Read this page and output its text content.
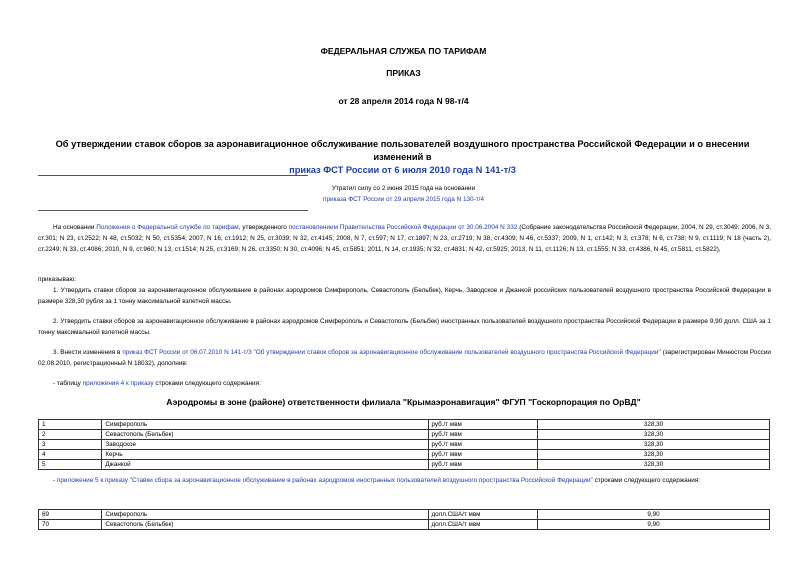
ФЕДЕРАЛЬНАЯ СЛУЖБА ПО ТАРИФАМ
ПРИКАЗ
от 28 апреля 2014 года N 98-т/4
Об утверждении ставок сборов за аэронавигационное обслуживание пользователей воздушного пространства Российской Федерации и о внесении изменений в
приказ ФСТ России от 6 июля 2010 года N 141-т/3
Утратил силу со 2 июня 2015 года на основании
приказа ФСТ России от 29 апреля 2015 года N 130-т/4
На основании Положения о Федеральной службе по тарифам, утвержденного постановлением Правительства Российской Федерации от 30.06.2004 N 332 (Собрание законодательства Российской Федерации, 2004, N 29, ст.3049; 2006, N 3, ст.301; N 23, ст.2522; N 48, ст.5032; N 50, ст.5354; 2007, N 16, ст.1912; N 25, ст.3039; N 32, ст.4145; 2008, N 7, ст.597; N 17, ст.1897; N 23, ст.2719; N 38, ст.4309; N 46, ст.5337; 2009, N 1, ст.142; N 3, ст.378; N 6, ст.738; N 9, ст.1119; N 18 (часть 2), ст.2249; N 33, ст.4086; 2010, N 9, ст.960; N 13, ст.1514; N 25, ст.3169; N 26, ст.3350; N 30, ст.4096; N 45, ст.5851; 2011, N 14, ст.1935; N 32, ст.4831; N 42, ст.5925; 2013, N 11, ст.1126; N 13, ст.1555; N 33, ст.4386, N 45, ст.5811, ст.5822),
приказываю:
1. Утвердить ставки сборов за аэронавигационное обслуживание в районах аэродромов Симферополь, Севастополь (Бельбек), Керчь, Заводское и Джанкой российских пользователей воздушного пространства Российской Федерации в размере 328,30 рубля за 1 тонну максимальной взлетной массы.
2. Утвердить ставки сборов за аэронавигационное обслуживание в районах аэродромов Симферополь и Севастополь (Бельбек) иностранных пользователей воздушного пространства Российской Федерации в размере 9,90 долл. США за 1 тонну максимальной взлетной массы.
3. Внести изменения в приказ ФСТ России от 06.07.2010 N 141-т/3 "Об утверждении ставок сборов за аэронавигационное обслуживание пользователей воздушного пространства Российской Федерации" (зарегистрирован Минюстом России 02.08.2010, регистрационный N 18032), дополнив:
- таблицу приложения 4 к приказу строками следующего содержания:
Аэродромы в зоне (районе) ответственности филиала "Крымаэронавигация" ФГУП "Госкорпорация по ОрВД"
1	Симферополь	руб./т мвм	328,30
2	Севастополь (Бельбек)	руб./т мвм	328,30
3	Заводское	руб./т мвм	328,30
4	Керчь	руб./т мвм	328,30
5	Джанкой	руб./т мвм	328,30
- приложение 5 к приказу "Ставки сбора за аэронавигационное обслуживание в районах аэродромов иностранных пользователей воздушного пространства Российской Федерации" строками следующего содержания:
69	Симферополь	долл.США/т мвм	9,90
70	Севастополь (Бельбек)	долл.США/т мвм	9,90
